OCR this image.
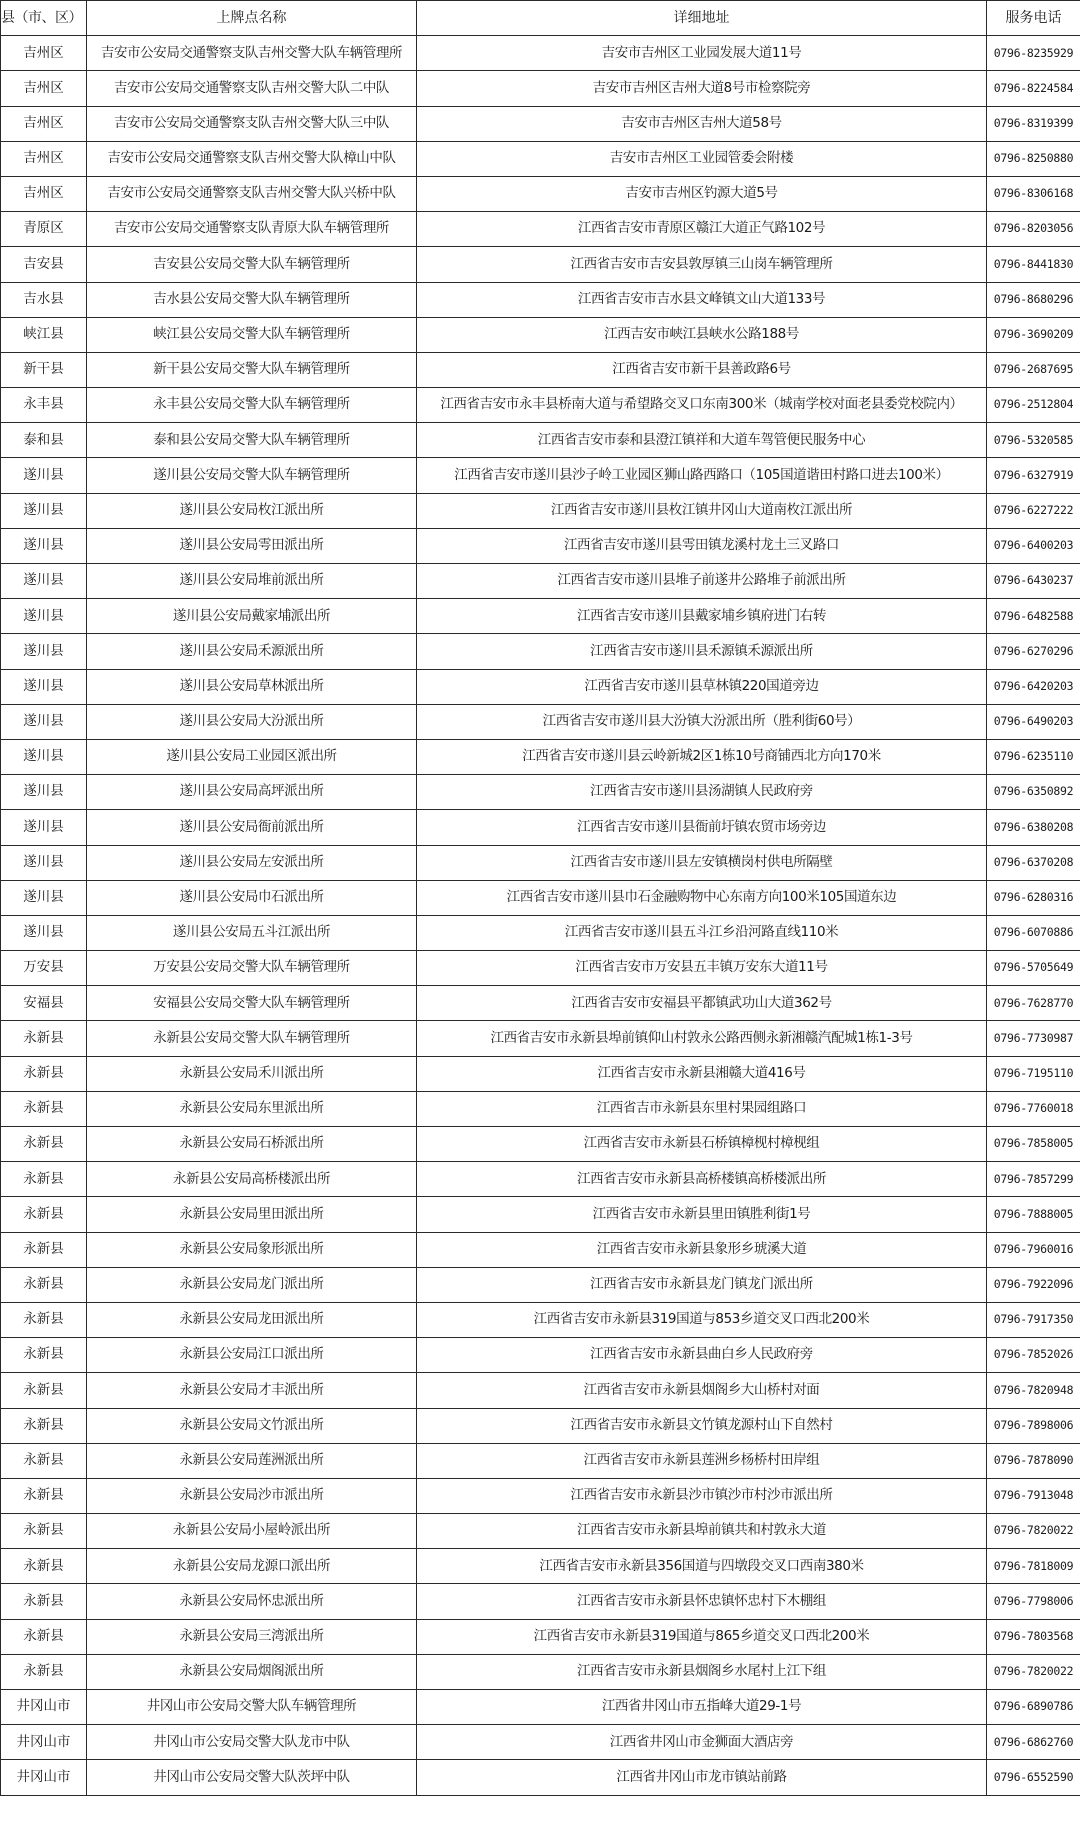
县（市、区）	上牌点名称	详细地址	服务电话
吉州区	吉安市公安局交通警察支队吉州交警大队车辆管理所	吉安市吉州区工业园发展大道11号	0796-8235929
吉州区	吉安市公安局交通警察支队吉州交警大队二中队	吉安市吉州区吉州大道8号市检察院旁	0796-8224584
吉州区	吉安市公安局交通警察支队吉州交警大队三中队	吉安市吉州区吉州大道58号	0796-8319399
吉州区	吉安市公安局交通警察支队吉州交警大队樟山中队	吉安市吉州区工业园管委会附楼	0796-8250880
吉州区	吉安市公安局交通警察支队吉州交警大队兴桥中队	吉安市吉州区钓源大道5号	0796-8306168
青原区	吉安市公安局交通警察支队青原大队车辆管理所	江西省吉安市青原区赣江大道正气路102号	0796-8203056
吉安县	吉安县公安局交警大队车辆管理所	江西省吉安市吉安县敦厚镇三山岗车辆管理所	0796-8441830
吉水县	吉水县公安局交警大队车辆管理所	江西省吉安市吉水县文峰镇文山大道133号	0796-8680296
峡江县	峡江县公安局交警大队车辆管理所	江西吉安市峡江县峡水公路188号	0796-3690209
新干县	新干县公安局交警大队车辆管理所	江西省吉安市新干县善政路6号	0796-2687695
永丰县	永丰县公安局交警大队车辆管理所	江西省吉安市永丰县桥南大道与希望路交叉口东南300米（城南学校对面老县委党校院内）	0796-2512804
泰和县	泰和县公安局交警大队车辆管理所	江西省吉安市泰和县澄江镇祥和大道车驾管便民服务中心	0796-5320585
遂川县	遂川县公安局交警大队车辆管理所	江西省吉安市遂川县沙子岭工业园区狮山路西路口（105国道谐田村路口进去100米）	0796-6327919
遂川县	遂川县公安局枚江派出所	江西省吉安市遂川县枚江镇井冈山大道南枚江派出所	0796-6227222
遂川县	遂川县公安局雩田派出所	江西省吉安市遂川县雩田镇龙溪村龙土三叉路口	0796-6400203
遂川县	遂川县公安局堆前派出所	江西省吉安市遂川县堆子前遂井公路堆子前派出所	0796-6430237
遂川县	遂川县公安局戴家埔派出所	江西省吉安市遂川县戴家埔乡镇府进门右转	0796-6482588
遂川县	遂川县公安局禾源派出所	江西省吉安市遂川县禾源镇禾源派出所	0796-6270296
遂川县	遂川县公安局草林派出所	江西省吉安市遂川县草林镇220国道旁边	0796-6420203
遂川县	遂川县公安局大汾派出所	江西省吉安市遂川县大汾镇大汾派出所（胜利街60号）	0796-6490203
遂川县	遂川县公安局工业园区派出所	江西省吉安市遂川县云岭新城2区1栋10号商铺西北方向170米	0796-6235110
遂川县	遂川县公安局高坪派出所	江西省吉安市遂川县汤湖镇人民政府旁	0796-6350892
遂川县	遂川县公安局衙前派出所	江西省吉安市遂川县衙前圩镇农贸市场旁边	0796-6380208
遂川县	遂川县公安局左安派出所	江西省吉安市遂川县左安镇横岗村供电所隔壁	0796-6370208
遂川县	遂川县公安局巾石派出所	江西省吉安市遂川县巾石金融购物中心东南方向100米105国道东边	0796-6280316
遂川县	遂川县公安局五斗江派出所	江西省吉安市遂川县五斗江乡沿河路直线110米	0796-6070886
万安县	万安县公安局交警大队车辆管理所	江西省吉安市万安县五丰镇万安东大道11号	0796-5705649
安福县	安福县公安局交警大队车辆管理所	江西省吉安市安福县平都镇武功山大道362号	0796-7628770
永新县	永新县公安局交警大队车辆管理所	江西省吉安市永新县埠前镇仰山村敦永公路西侧永新湘赣汽配城1栋1-3号	0796-7730987
永新县	永新县公安局禾川派出所	江西省吉安市永新县湘赣大道416号	0796-7195110
永新县	永新县公安局东里派出所	江西省吉市永新县东里村果园组路口	0796-7760018
永新县	永新县公安局石桥派出所	江西省吉安市永新县石桥镇樟枧村樟枧组	0796-7858005
永新县	永新县公安局高桥楼派出所	江西省吉安市永新县高桥楼镇高桥楼派出所	0796-7857299
永新县	永新县公安局里田派出所	江西省吉安市永新县里田镇胜利街1号	0796-7888005
永新县	永新县公安局象形派出所	江西省吉安市永新县象形乡琥溪大道	0796-7960016
永新县	永新县公安局龙门派出所	江西省吉安市永新县龙门镇龙门派出所	0796-7922096
永新县	永新县公安局龙田派出所	江西省吉安市永新县319国道与853乡道交叉口西北200米	0796-7917350
永新县	永新县公安局江口派出所	江西省吉安市永新县曲白乡人民政府旁	0796-7852026
永新县	永新县公安局才丰派出所	江西省吉安市永新县烟阁乡大山桥村对面	0796-7820948
永新县	永新县公安局文竹派出所	江西省吉安市永新县文竹镇龙源村山下自然村	0796-7898006
永新县	永新县公安局莲洲派出所	江西省吉安市永新县莲洲乡杨桥村田岸组	0796-7878090
永新县	永新县公安局沙市派出所	江西省吉安市永新县沙市镇沙市村沙市派出所	0796-7913048
永新县	永新县公安局小屋岭派出所	江西省吉安市永新县埠前镇共和村敦永大道	0796-7820022
永新县	永新县公安局龙源口派出所	江西省吉安市永新县356国道与四墩段交叉口西南380米	0796-7818009
永新县	永新县公安局怀忠派出所	江西省吉安市永新县怀忠镇怀忠村下木棚组	0796-7798006
永新县	永新县公安局三湾派出所	江西省吉安市永新县319国道与865乡道交叉口西北200米	0796-7803568
永新县	永新县公安局烟阁派出所	江西省吉安市永新县烟阁乡水尾村上江下组	0796-7820022
井冈山市	井冈山市公安局交警大队车辆管理所	江西省井冈山市五指峰大道29-1号	0796-6890786
井冈山市	井冈山市公安局交警大队龙市中队	江西省井冈山市金狮面大酒店旁	0796-6862760
井冈山市	井冈山市公安局交警大队茨坪中队	江西省井冈山市龙市镇站前路	0796-6552590
